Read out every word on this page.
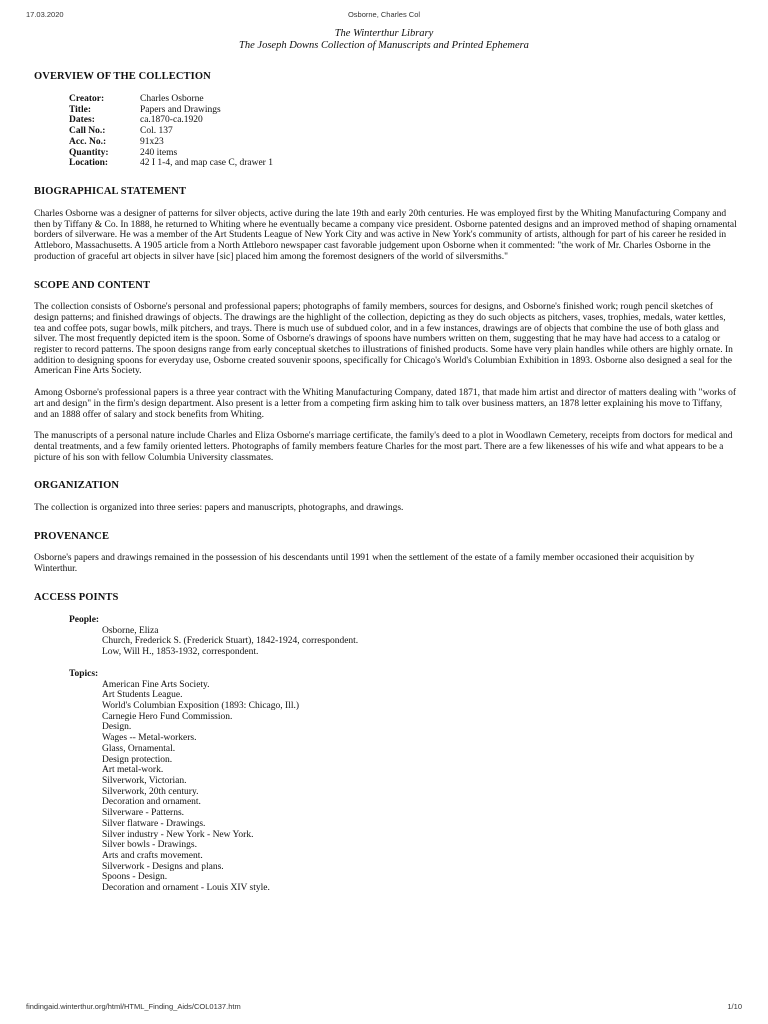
17.03.2020	Osborne, Charles Col
The Winterthur Library
The Joseph Downs Collection of Manuscripts and Printed Ephemera
OVERVIEW OF THE COLLECTION
Creator:	Charles Osborne
Title:	Papers and Drawings
Dates:	ca.1870-ca.1920
Call No.:	Col. 137
Acc. No.:	91x23
Quantity:	240 items
Location:	42 I 1-4, and map case C, drawer 1
BIOGRAPHICAL STATEMENT

Charles Osborne was a designer of patterns for silver objects, active during the late 19th and early 20th centuries. He was employed first by the Whiting Manufacturing Company and then by Tiffany & Co. In 1888, he returned to Whiting where he eventually became a company vice president. Osborne patented designs and an improved method of shaping ornamental borders of silverware. He was a member of the Art Students League of New York City and was active in New York's community of artists, although for part of his career he resided in Attleboro, Massachusetts. A 1905 article from a North Attleboro newspaper cast favorable judgement upon Osborne when it commented: "the work of Mr. Charles Osborne in the production of graceful art objects in silver have [sic] placed him among the foremost designers of the world of silversmiths."

SCOPE AND CONTENT

The collection consists of Osborne's personal and professional papers; photographs of family members, sources for designs, and Osborne's finished work; rough pencil sketches of design patterns; and finished drawings of objects. The drawings are the highlight of the collection, depicting as they do such objects as pitchers, vases, trophies, medals, water kettles, tea and coffee pots, sugar bowls, milk pitchers, and trays. There is much use of subdued color, and in a few instances, drawings are of objects that combine the use of both glass and silver. The most frequently depicted item is the spoon. Some of Osborne's drawings of spoons have numbers written on them, suggesting that he may have had access to a catalog or register to record patterns. The spoon designs range from early conceptual sketches to illustrations of finished products. Some have very plain handles while others are highly ornate. In addition to designing spoons for everyday use, Osborne created souvenir spoons, specifically for Chicago's World's Columbian Exhibition in 1893. Osborne also designed a seal for the American Fine Arts Society.

Among Osborne's professional papers is a three year contract with the Whiting Manufacturing Company, dated 1871, that made him artist and director of matters dealing with "works of art and design" in the firm's design department. Also present is a letter from a competing firm asking him to talk over business matters, an 1878 letter explaining his move to Tiffany, and an 1888 offer of salary and stock benefits from Whiting.

The manuscripts of a personal nature include Charles and Eliza Osborne's marriage certificate, the family's deed to a plot in Woodlawn Cemetery, receipts from doctors for medical and dental treatments, and a few family oriented letters. Photographs of family members feature Charles for the most part. There are a few likenesses of his wife and what appears to be a picture of his son with fellow Columbia University classmates.

ORGANIZATION

The collection is organized into three series: papers and manuscripts, photographs, and drawings.

PROVENANCE

Osborne's papers and drawings remained in the possession of his descendants until 1991 when the settlement of the estate of a family member occasioned their acquisition by Winterthur.

ACCESS POINTS
People:
Osborne, Eliza
Church, Frederick S. (Frederick Stuart), 1842-1924, correspondent.
Low, Will H., 1853-1932, correspondent.
Topics:
American Fine Arts Society.
Art Students League.
World's Columbian Exposition (1893: Chicago, Ill.)
Carnegie Hero Fund Commission.
Design.
Wages -- Metal-workers.
Glass, Ornamental.
Design protection.
Art metal-work.
Silverwork, Victorian.
Silverwork, 20th century.
Decoration and ornament.
Silverware - Patterns.
Silver flatware - Drawings.
Silver industry - New York - New York.
Silver bowls - Drawings.
Arts and crafts movement.
Silverwork - Designs and plans.
Spoons - Design.
Decoration and ornament - Louis XIV style.
findingaid.winterthur.org/html/HTML_Finding_Aids/COL0137.htm	1/10
